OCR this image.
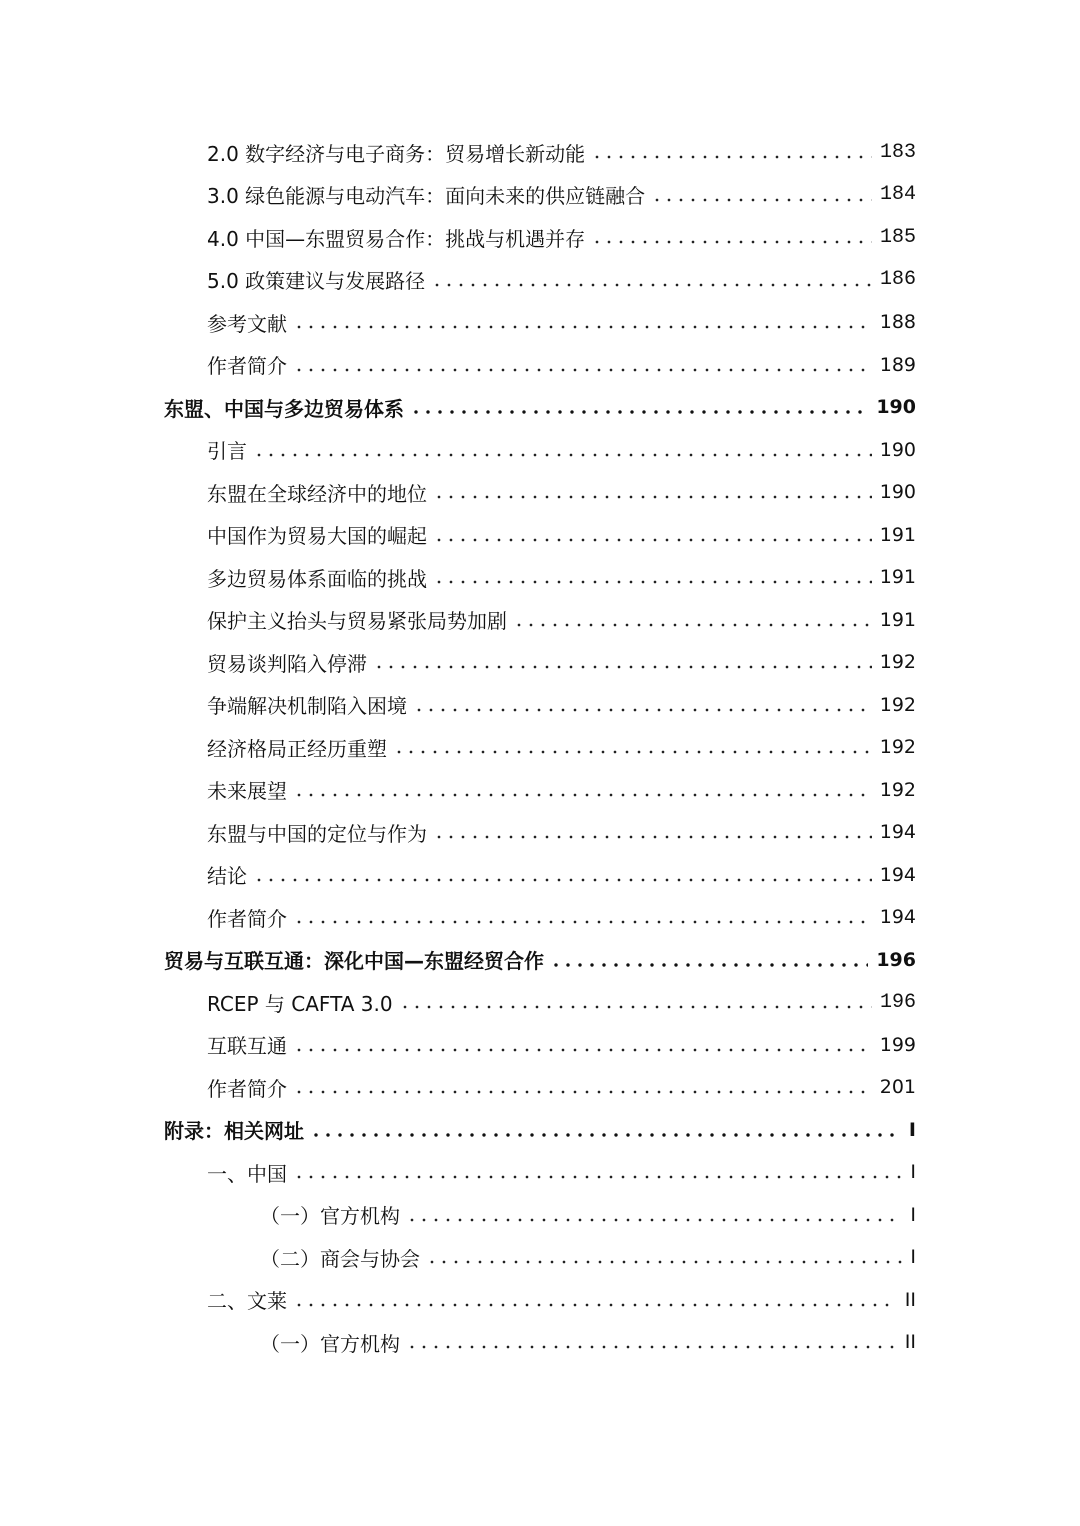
2.0 数字经济与电子商务：贸易增长新动能	183
3.0 绿色能源与电动汽车：面向未来的供应链融合	184
4.0 中国—东盟贸易合作：挑战与机遇并存	185
5.0 政策建议与发展路径	186
参考文献	188
作者简介	189
东盟、中国与多边贸易体系	190
引言	190
东盟在全球经济中的地位	190
中国作为贸易大国的崛起	191
多边贸易体系面临的挑战	191
保护主义抬头与贸易紧张局势加剧	191
贸易谈判陷入停滞	192
争端解决机制陷入困境	192
经济格局正经历重塑	192
未来展望	192
东盟与中国的定位与作为	194
结论	194
作者简介	194
贸易与互联互通：深化中国—东盟经贸合作	196
RCEP 与 CAFTA 3.0	196
互联互通	199
作者简介	201
附录：相关网址	I
一、中国	I
（一）官方机构	I
（二）商会与协会	I
二、文莱	II
（一）官方机构	II
